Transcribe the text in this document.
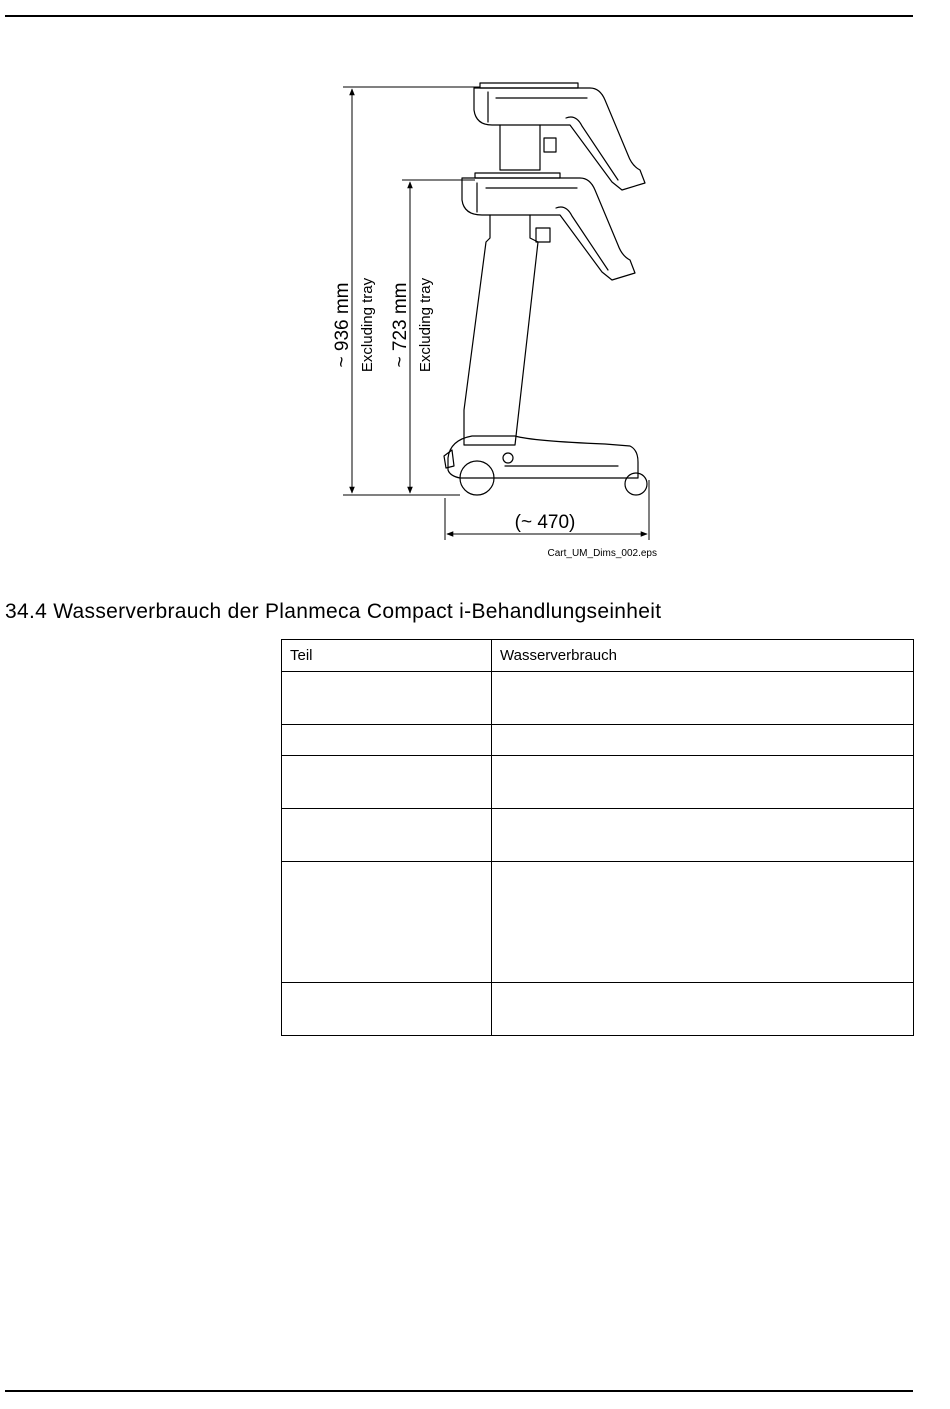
~ 936 mm Excluding tray ~ 723 mm Excluding tray
(~ 470)
Cart_UM_Dims_002.eps
34.4 Wasserverbrauch der Planmeca Compact i-Behandlungseinheit
Teil	Wasserverbrauch
